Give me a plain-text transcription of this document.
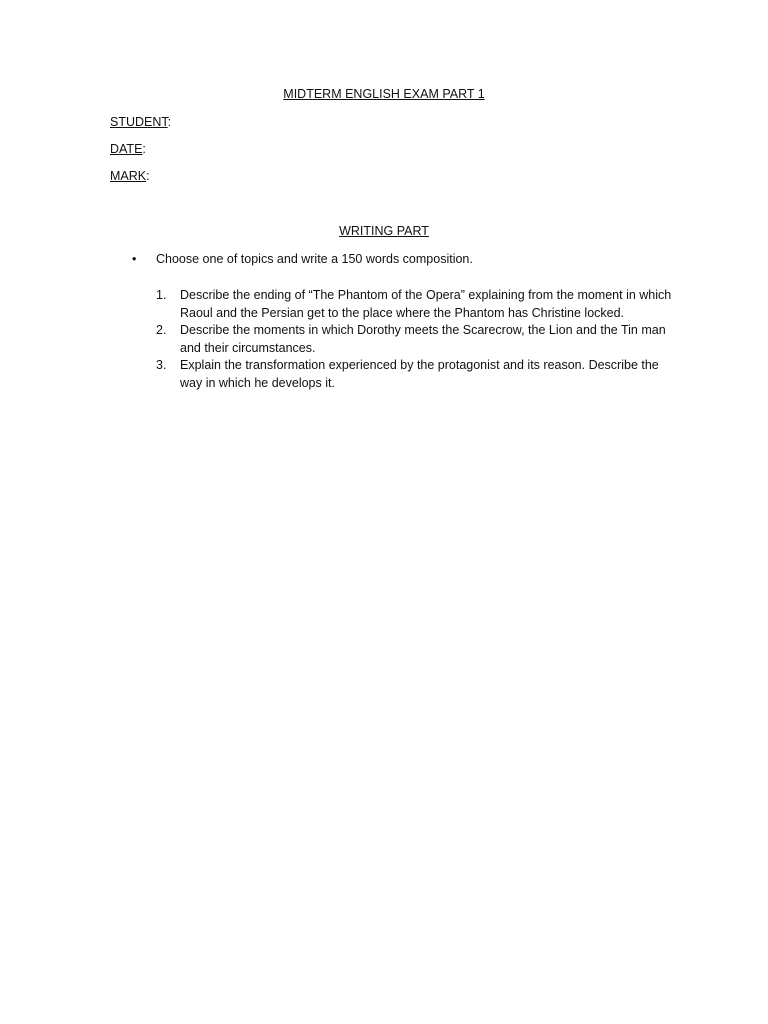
MIDTERM ENGLISH EXAM PART 1
STUDENT:
DATE:
MARK:
WRITING PART
• Choose one of topics and write a 150 words composition.
1. Describe the ending of “The Phantom of the Opera” explaining from the moment in which Raoul and the Persian get to the place where the Phantom has Christine locked.
2. Describe the moments in which Dorothy meets the Scarecrow, the Lion and the Tin man and their circumstances.
3. Explain the transformation experienced by the protagonist and its reason. Describe the way in which he develops it.
